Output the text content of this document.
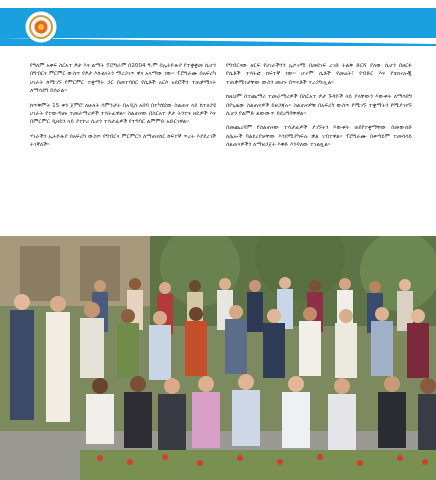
የዓለም አቀፍ ስርአተ ፆታ እና ልማት ፕሮግራም በ2004 ዓ.ም በኢትዮጵያ የተቋቋመ ሲሆን በግብርና ምርምር ውስጥ የፆታ እኩልነትን ማረጋገጥ ዋና አላማው ነው። ፕሮግራሙ በአፍሪካ ሀገራት ከሚገኙ የምርምር ተቋማት ጋር በመተባበር የሴቶች አርሶ አደሮችን ተጠቃሚነት ለማሳደግ ይሰራል።

ከጥቅምት 15 ቀን ጀምሮ ለሁለት ሳምንታት በአዲስ አበባ በተካሄደው ስልጠና ላይ ከተለያዩ ሀገራት የተውጣጡ ተመራማሪዎች ተሳትፈዋል። ስልጠናው በስርአተ ፆታ ትንተና ዘዴዎች እና በምርምር ዲዛይን ላይ ያተኮረ ሲሆን ተሳታፊዎች የተግባር ልምምድ አድርገዋል።

ሃገራችን ኢትዮጵያ በአፍሪካ ውስጥ የግብርና ምርምርን ለማጠናከር ከፍተኛ ጥረት እያደረገች ትገኛለች።

የግብርናው ዘርፍ የሀገራችንን ኢኮኖሚ በመደገፍ ረገድ ትልቅ ድርሻ ያለው ሲሆን በዘርፉ የሴቶች ተሳትፎ ከፍተኛ ነው። ሆኖም ሴቶች የመሬት፣ የብድር እና የቴክኖሎጂ ተጠቃሚነታቸው ውስን መሆኑ በጥናቶች ተረጋግጧል።

ከዚህም በተጨማሪ ተመራማሪዎች በስርአተ ፆታ ጉዳዮች ላይ ያላቸውን እውቀት ለማሳደግ በየጊዜው ስልጠናዎች ይዘጋጃሉ። ስልጠናዎቹ በአፍሪካ ውስጥ የሚገኙ ተቋማትን የሚያገናኙ ሲሆን የልምድ ልውውጥ ይደረግባቸዋል።

በመጨረሻም የስልጠናው ተሳታፊዎች ያገኙትን እውቀት ወደየተቋማቸው በመውሰድ ለሌሎች ባልደረቦቻቸው እንደሚያካፍሉ ቃል ገብተዋል። ፕሮግራሙ በቀጣይም ተመሳሳይ ስልጠናዎችን ለማዘጋጀት እቅድ እንዳለው ተገልጿል።
